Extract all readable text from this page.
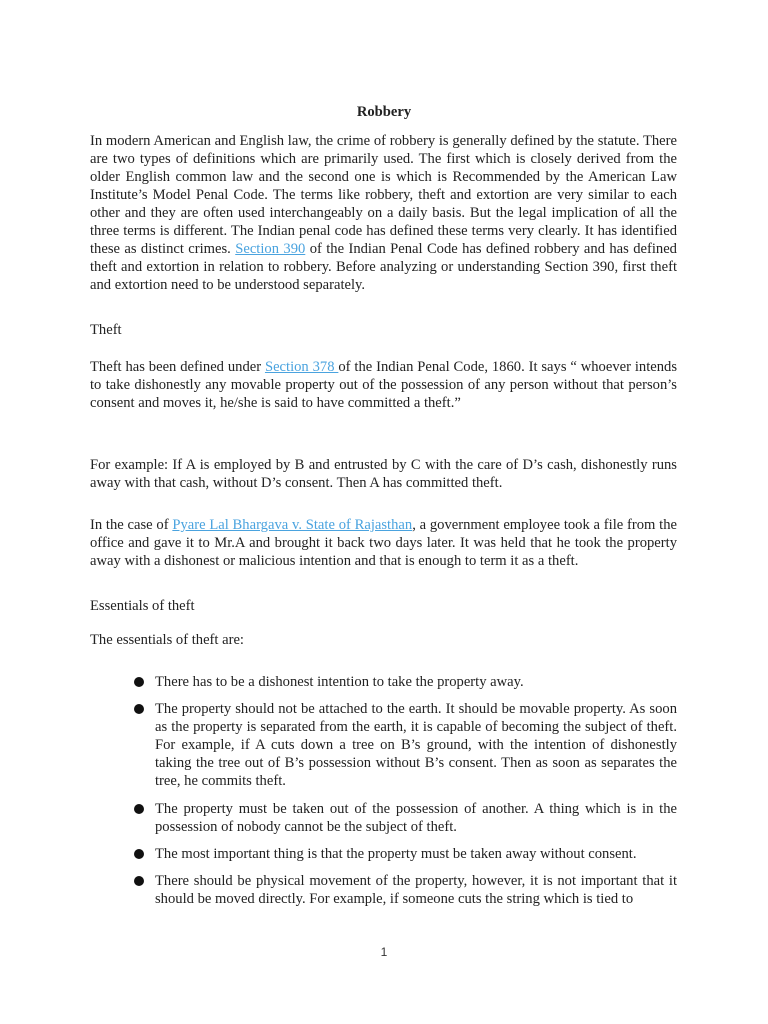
Robbery

In modern American and English law, the crime of robbery is generally defined by the statute. There are two types of definitions which are primarily used. The first which is closely derived from the older English common law and the second one is which is Recommended by the American Law Institute’s Model Penal Code. The terms like robbery, theft and extortion are very similar to each other and they are often used interchangeably on a daily basis. But the legal implication of all the three terms is different. The Indian penal code has defined these terms very clearly. It has identified these as distinct crimes. Section 390 of the Indian Penal Code has defined robbery and has defined theft and extortion in relation to robbery. Before analyzing or understanding Section 390, first theft and extortion need to be understood separately.

Theft

Theft has been defined under Section 378 of the Indian Penal Code, 1860. It says “ whoever intends to take dishonestly any movable property out of the possession of any person without that person’s consent and moves it, he/she is said to have committed a theft.”

For example: If A is employed by B and entrusted by C with the care of D’s cash, dishonestly runs away with that cash, without D’s consent. Then A has committed theft.

In the case of Pyare Lal Bhargava v. State of Rajasthan, a government employee took a file from the office and gave it to Mr.A and brought it back two days later. It was held that he took the property away with a dishonest or malicious intention and that is enough to term it as a theft.

Essentials of theft

The essentials of theft are:

There has to be a dishonest intention to take the property away.
The property should not be attached to the earth. It should be movable property. As soon as the property is separated from the earth, it is capable of becoming the subject of theft. For example, if A cuts down a tree on B’s ground, with the intention of dishonestly taking the tree out of B’s possession without B’s consent. Then as soon as separates the tree, he commits theft.
The property must be taken out of the possession of another. A thing which is in the possession of nobody cannot be the subject of theft.
The most important thing is that the property must be taken away without consent.
There should be physical movement of the property, however, it is not important that it should be moved directly. For example, if someone cuts the string which is tied to
1
